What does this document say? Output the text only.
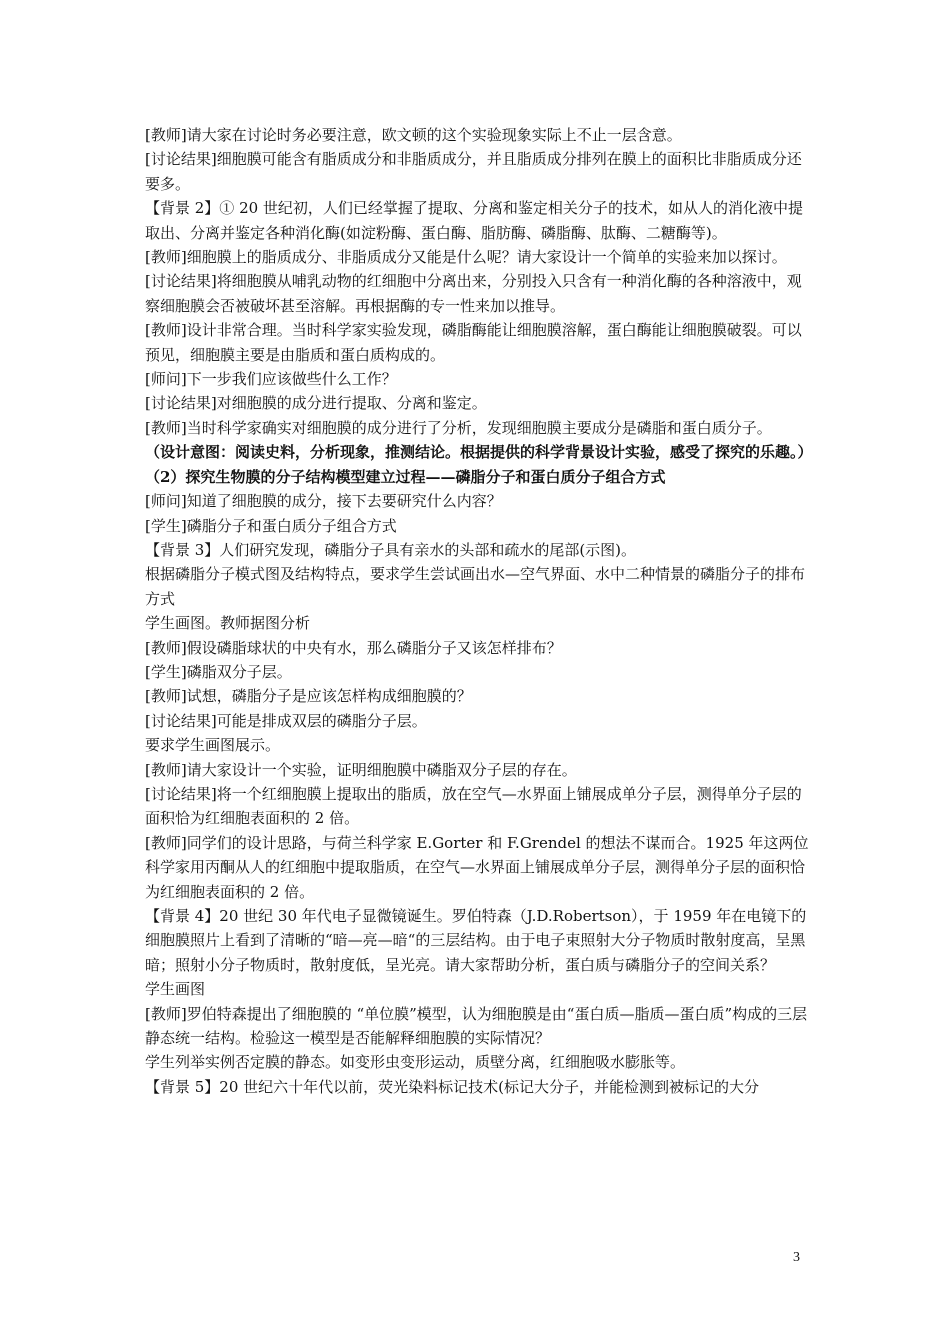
[教师]请大家在讨论时务必要注意，欧文顿的这个实验现象实际上不止一层含意。

[讨论结果]细胞膜可能含有脂质成分和非脂质成分，并且脂质成分排列在膜上的面积比非脂质成分还要多。

【背景 2】① 20 世纪初，人们已经掌握了提取、分离和鉴定相关分子的技术，如从人的消化液中提取出、分离并鉴定各种消化酶(如淀粉酶、蛋白酶、脂肪酶、磷脂酶、肽酶、二糖酶等)。

[教师]细胞膜上的脂质成分、非脂质成分又能是什么呢？请大家设计一个简单的实验来加以探讨。

[讨论结果]将细胞膜从哺乳动物的红细胞中分离出来，分别投入只含有一种消化酶的各种溶液中，观察细胞膜会否被破坏甚至溶解。再根据酶的专一性来加以推导。

[教师]设计非常合理。当时科学家实验发现，磷脂酶能让细胞膜溶解，蛋白酶能让细胞膜破裂。可以预见，细胞膜主要是由脂质和蛋白质构成的。

[师问]下一步我们应该做些什么工作？

[讨论结果]对细胞膜的成分进行提取、分离和鉴定。

[教师]当时科学家确实对细胞膜的成分进行了分析，发现细胞膜主要成分是磷脂和蛋白质分子。

（设计意图：阅读史料，分析现象，推测结论。根据提供的科学背景设计实验，感受了探究的乐趣。）

（2）探究生物膜的分子结构模型建立过程——磷脂分子和蛋白质分子组合方式

[师问]知道了细胞膜的成分，接下去要研究什么内容？

[学生]磷脂分子和蛋白质分子组合方式

【背景 3】人们研究发现，磷脂分子具有亲水的头部和疏水的尾部(示图)。

根据磷脂分子模式图及结构特点，要求学生尝试画出水—空气界面、水中二种情景的磷脂分子的排布方式

学生画图。教师据图分析

[教师]假设磷脂球状的中央有水，那么磷脂分子又该怎样排布？

[学生]磷脂双分子层。

[教师]试想，磷脂分子是应该怎样构成细胞膜的？

[讨论结果]可能是排成双层的磷脂分子层。

要求学生画图展示。

[教师]请大家设计一个实验，证明细胞膜中磷脂双分子层的存在。

[讨论结果]将一个红细胞膜上提取出的脂质，放在空气—水界面上铺展成单分子层，测得单分子层的面积恰为红细胞表面积的 2 倍。

[教师]同学们的设计思路，与荷兰科学家 E.Gorter 和 F.Grendel 的想法不谋而合。1925 年这两位科学家用丙酮从人的红细胞中提取脂质，在空气—水界面上铺展成单分子层，测得单分子层的面积恰为红细胞表面积的 2 倍。

【背景 4】20 世纪 30 年代电子显微镜诞生。罗伯特森（J.D.Robertson），于 1959 年在电镜下的细胞膜照片上看到了清晰的“暗—亮—暗“的三层结构。由于电子束照射大分子物质时散射度高，呈黑暗；照射小分子物质时，散射度低，呈光亮。请大家帮助分析，蛋白质与磷脂分子的空间关系？

学生画图

[教师]罗伯特森提出了细胞膜的 “单位膜”模型，认为细胞膜是由“蛋白质—脂质—蛋白质”构成的三层静态统一结构。检验这一模型是否能解释细胞膜的实际情况？

学生列举实例否定膜的静态。如变形虫变形运动，质壁分离，红细胞吸水膨胀等。

【背景 5】20 世纪六十年代以前，荧光染料标记技术(标记大分子，并能检测到被标记的大分

3
